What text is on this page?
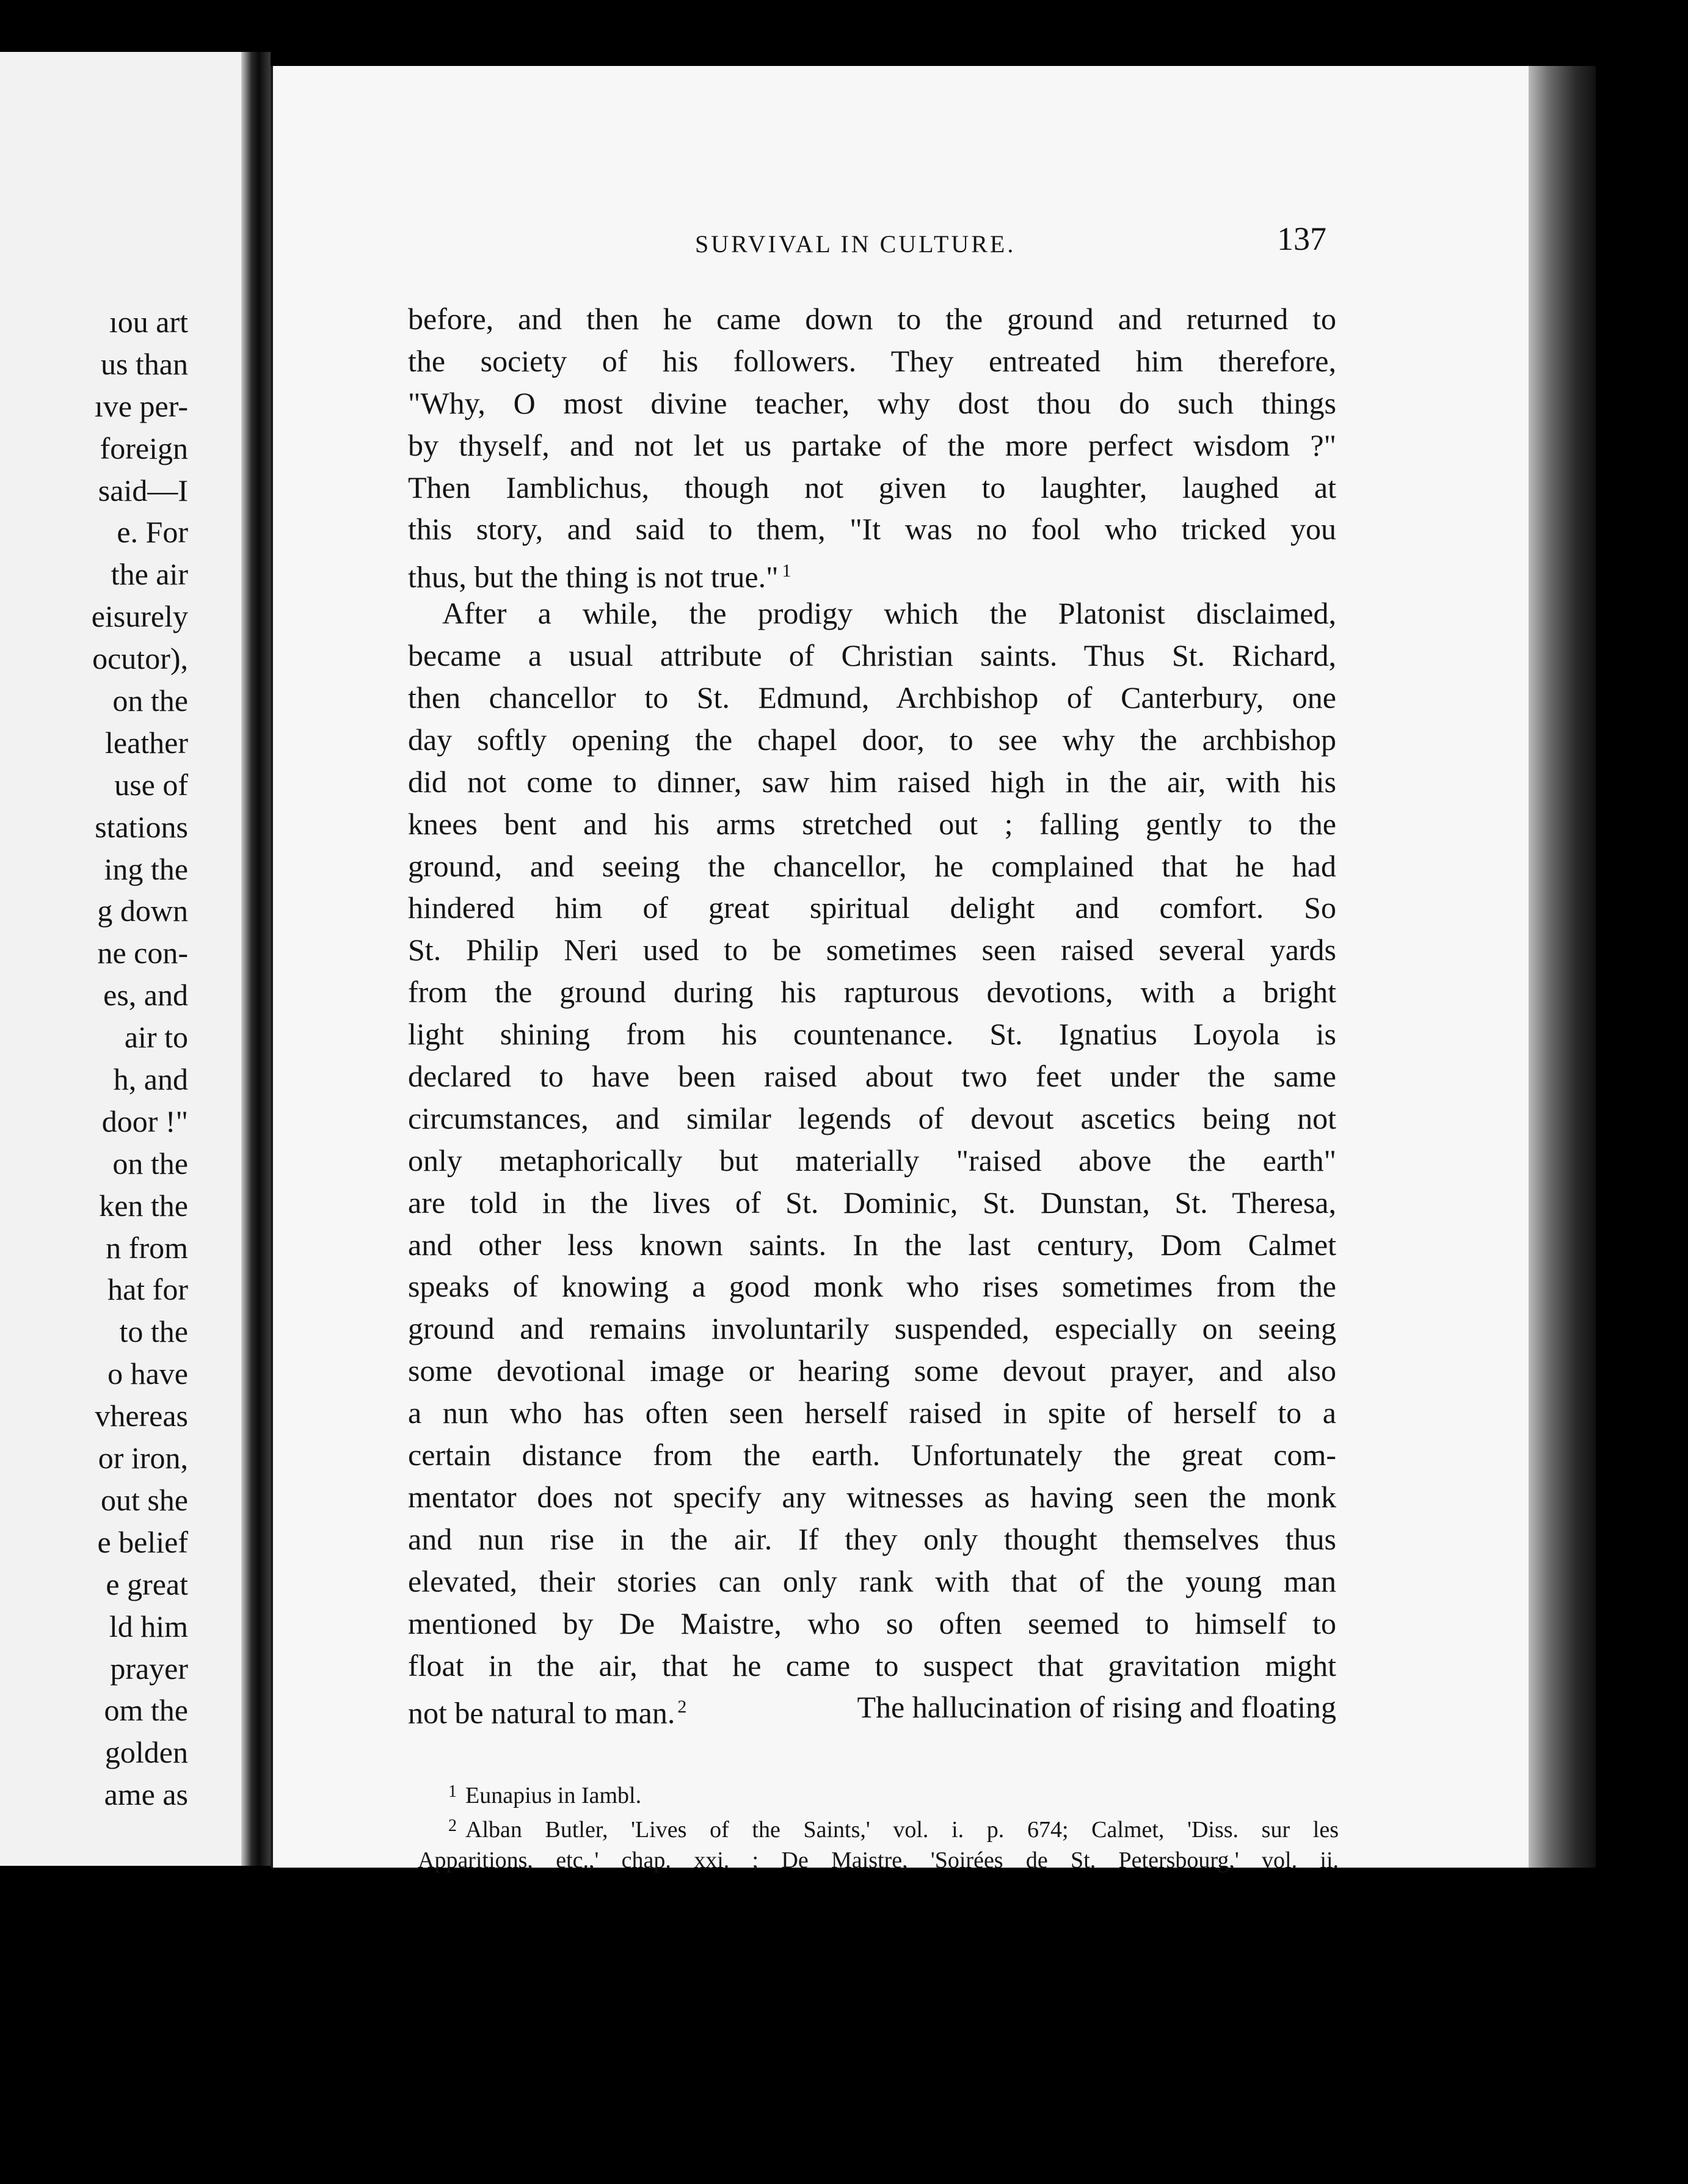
ıou art
us than
ıve per-
foreign
said—I
e. For
the air
eisurely
ocutor),
on the
leather
use of
stations
ing the
g down
ne con-
es, and
air to
h, and
door !"
on the
ken the
n from
hat for
to the
o have
vhereas
or iron,
out she
e belief
e great
ld him
prayer
om the
golden
ame as
SURVIVAL IN CULTURE.	137
before, and then he came down to the ground and returned to
the society of his followers. They entreated him therefore,
"Why, O most divine teacher, why dost thou do such things
by thyself, and not let us partake of the more perfect wisdom ?"
Then Iamblichus, though not given to laughter, laughed at
this story, and said to them, "It was no fool who tricked you
thus, but the thing is not true." $^1$
After a while, the prodigy which the Platonist disclaimed,
became a usual attribute of Christian saints. Thus St. Richard,
then chancellor to St. Edmund, Archbishop of Canterbury, one
day softly opening the chapel door, to see why the archbishop
did not come to dinner, saw him raised high in the air, with his
knees bent and his arms stretched out ; falling gently to the
ground, and seeing the chancellor, he complained that he had
hindered him of great spiritual delight and comfort. So
St. Philip Neri used to be sometimes seen raised several yards
from the ground during his rapturous devotions, with a bright
light shining from his countenance. St. Ignatius Loyola is
declared to have been raised about two feet under the same
circumstances, and similar legends of devout ascetics being not
only metaphorically but materially "raised above the earth"
are told in the lives of St. Dominic, St. Dunstan, St. Theresa,
and other less known saints. In the last century, Dom Calmet
speaks of knowing a good monk who rises sometimes from the
ground and remains involuntarily suspended, especially on seeing
some devotional image or hearing some devout prayer, and also
a nun who has often seen herself raised in spite of herself to a
certain distance from the earth. Unfortunately the great com-
mentator does not specify any witnesses as having seen the monk
and nun rise in the air. If they only thought themselves thus
elevated, their stories can only rank with that of the young man
mentioned by De Maistre, who so often seemed to himself to
float in the air, that he came to suspect that gravitation might
not be natural to man. $^2$	The hallucination of rising and floating
$^1$ Eunapius in Iambl.
$^2$ Alban Butler, 'Lives of the Saints,' vol. i. p. 674; Calmet, 'Diss. sur les
Apparitions, etc.,' chap. xxi. ; De Maistre, 'Soirées de St. Petersbourg,' vol. ii.
